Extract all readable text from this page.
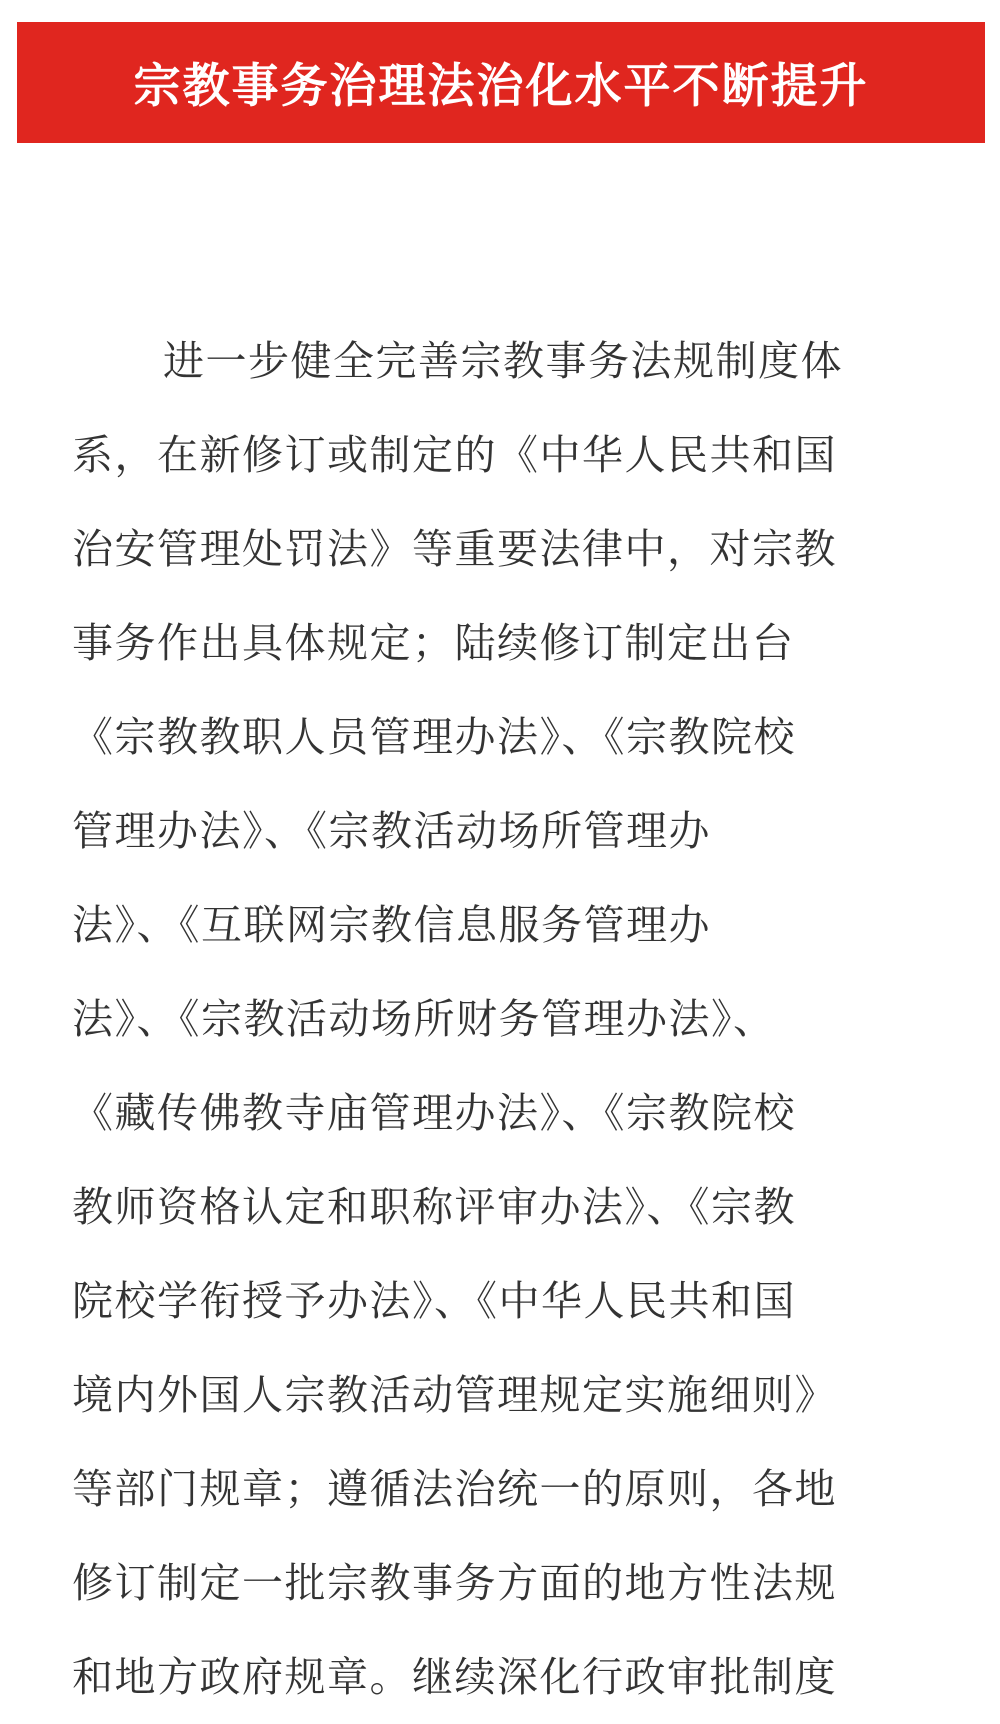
宗教事务治理法治化水平不断提升
进一步健全完善宗教事务法规制度体
系，在新修订或制定的《中华人民共和国
治安管理处罚法》等重要法律中，对宗教
事务作出具体规定；陆续修订制定出台
《宗教教职人员管理办法》、《宗教院校
管理办法》、《宗教活动场所管理办
法》、《互联网宗教信息服务管理办
法》、《宗教活动场所财务管理办法》、
《藏传佛教寺庙管理办法》、《宗教院校
教师资格认定和职称评审办法》、《宗教
院校学衔授予办法》、《中华人民共和国
境内外国人宗教活动管理规定实施细则》
等部门规章；遵循法治统一的原则，各地
修订制定一批宗教事务方面的地方性法规
和地方政府规章。继续深化行政审批制度
